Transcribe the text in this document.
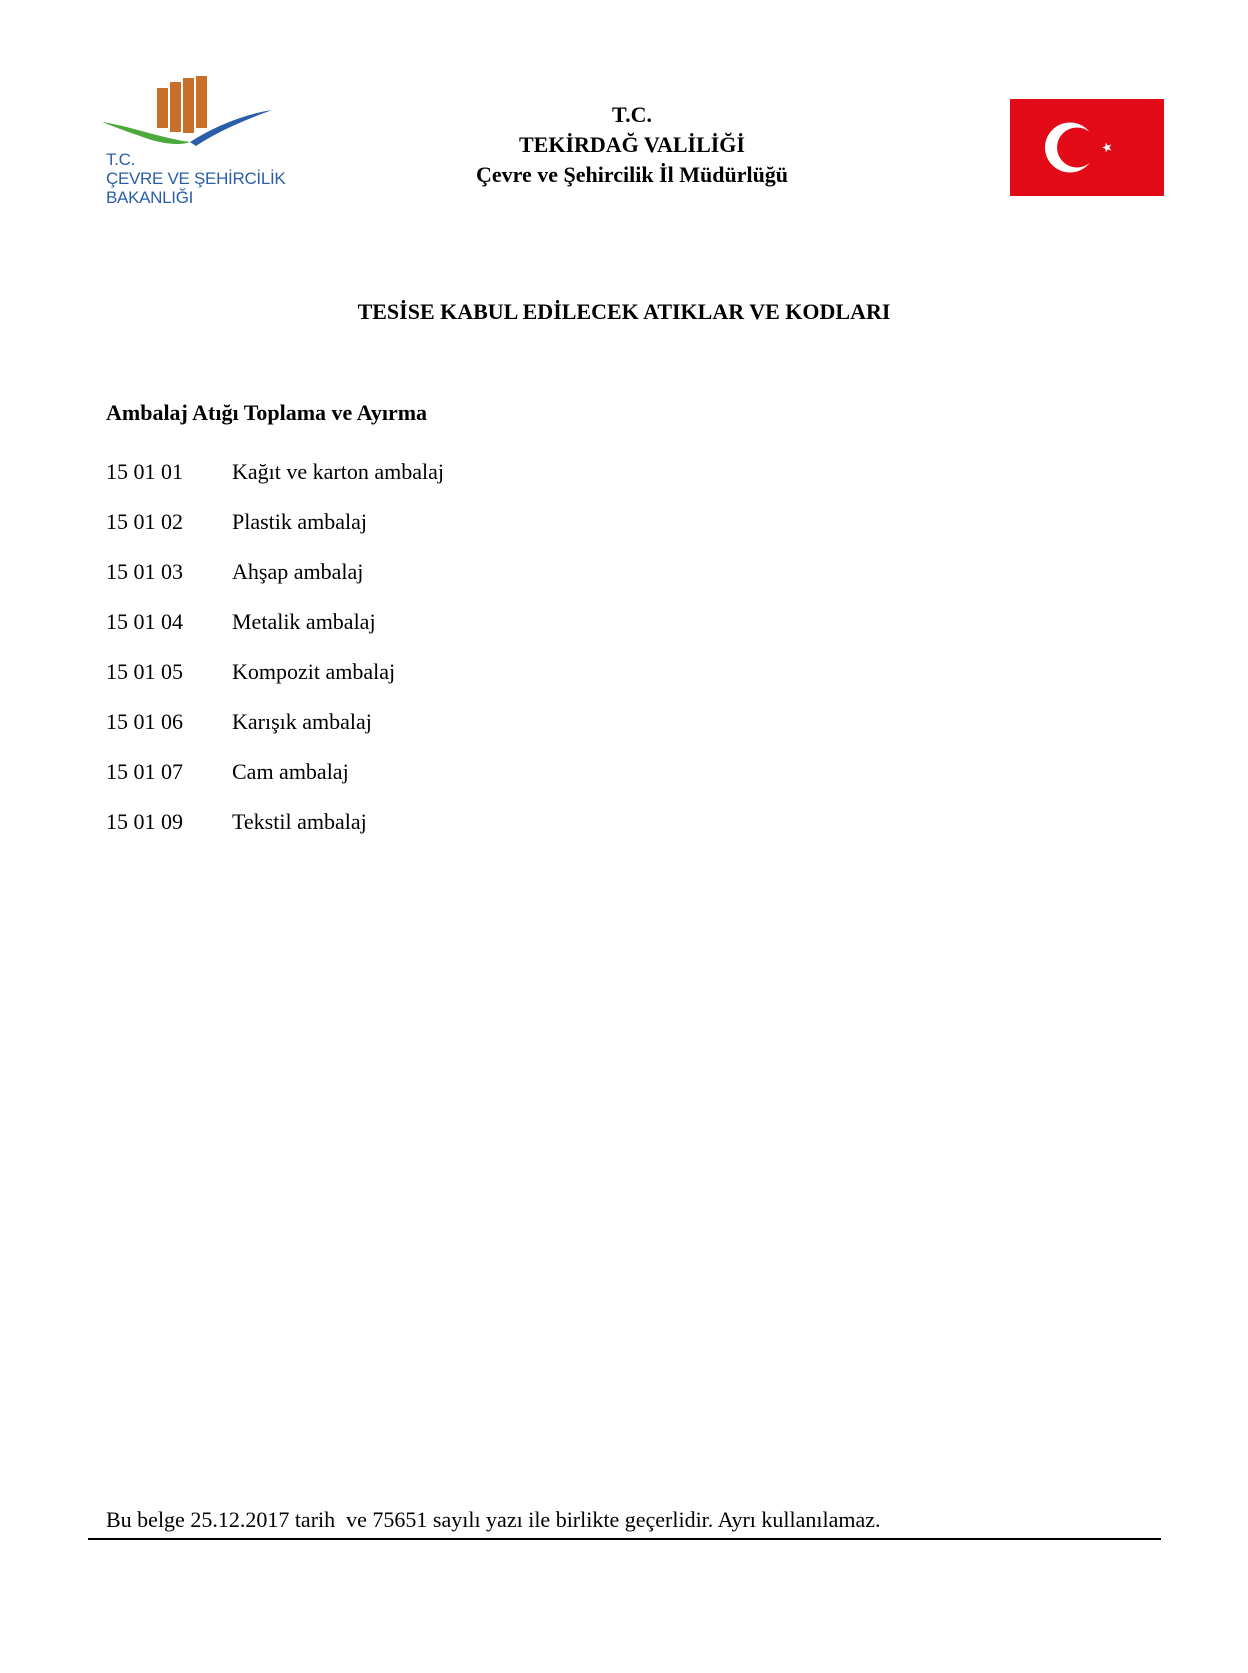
T.C.
ÇEVRE VE ŞEHİRCİLİK
BAKANLIĞI
T.C.
TEKİRDAĞ VALİLİĞİ
Çevre ve Şehircilik İl Müdürlüğü
TESİSE KABUL EDİLECEK ATIKLAR VE KODLARI
Ambalaj Atığı Toplama ve Ayırma
15 01 01 Kağıt ve karton ambalaj
15 01 02 Plastik ambalaj
15 01 03 Ahşap ambalaj
15 01 04 Metalik ambalaj
15 01 05 Kompozit ambalaj
15 01 06 Karışık ambalaj
15 01 07 Cam ambalaj
15 01 09 Tekstil ambalaj
Bu belge 25.12.2017 tarih  ve 75651 sayılı yazı ile birlikte geçerlidir. Ayrı kullanılamaz.
